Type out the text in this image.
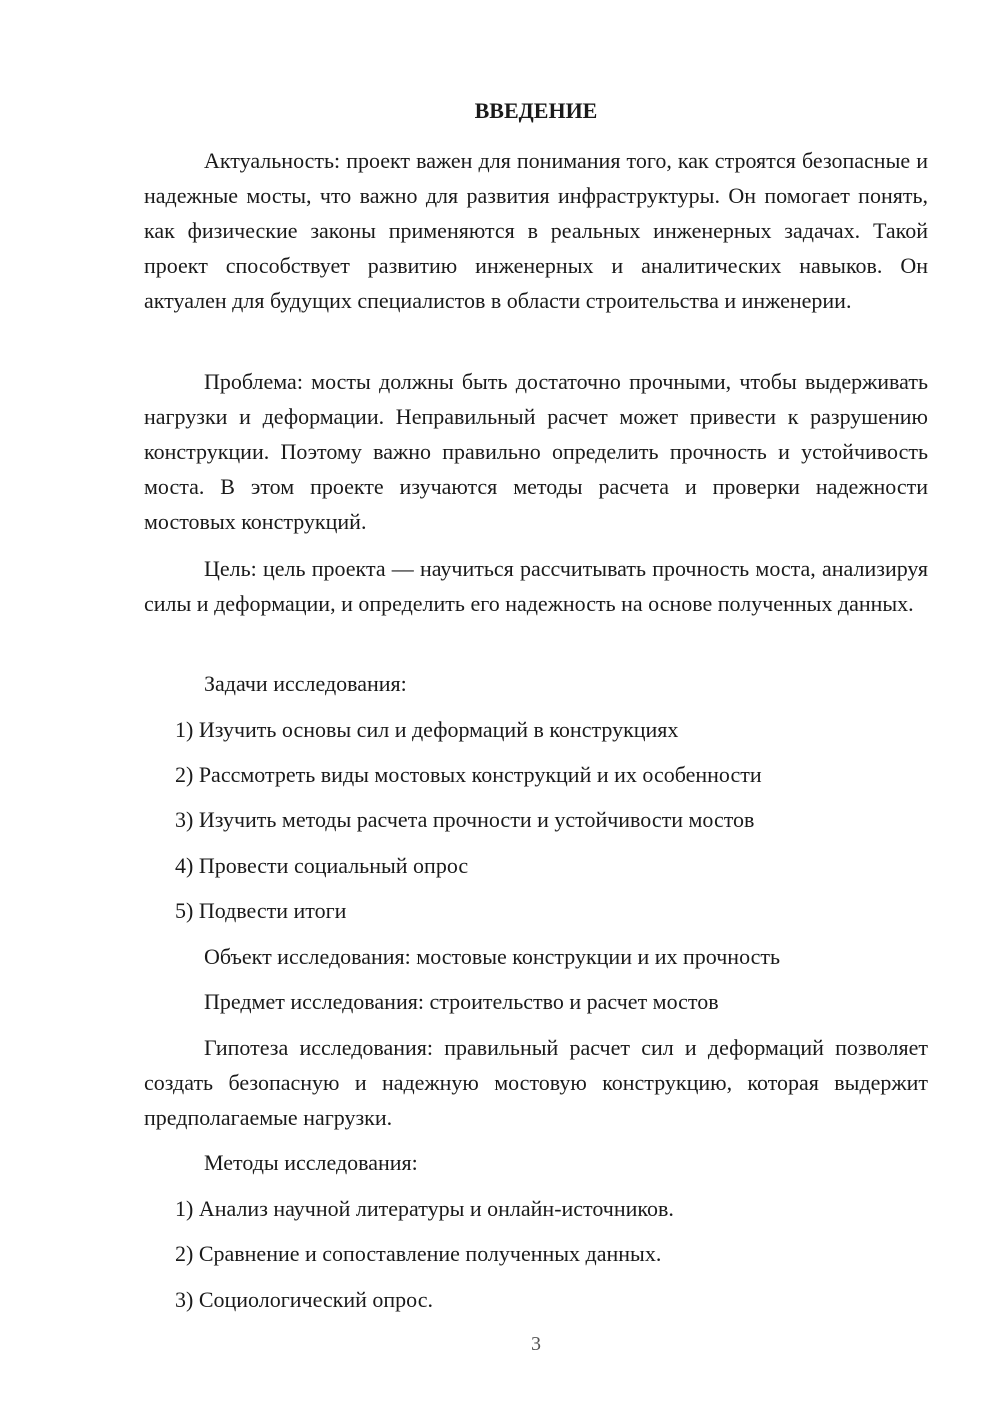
ВВЕДЕНИЕ

Актуальность: проект важен для понимания того, как строятся безопасные и надежные мосты, что важно для развития инфраструктуры. Он помогает понять, как физические законы применяются в реальных инженерных задачах. Такой проект способствует развитию инженерных и аналитических навыков. Он актуален для будущих специалистов в области строительства и инженерии.

Проблема: мосты должны быть достаточно прочными, чтобы выдерживать нагрузки и деформации. Неправильный расчет может привести к разрушению конструкции. Поэтому важно правильно определить прочность и устойчивость моста. В этом проекте изучаются методы расчета и проверки надежности мостовых конструкций.

Цель: цель проекта — научиться рассчитывать прочность моста, анализируя силы и деформации, и определить его надежность на основе полученных данных.

Задачи исследования:
1) Изучить основы сил и деформаций в конструкциях
2) Рассмотреть виды мостовых конструкций и их особенности
3) Изучить методы расчета прочности и устойчивости мостов
4) Провести социальный опрос
5) Подвести итоги
Объект исследования: мостовые конструкции и их прочность
Предмет исследования: строительство и расчет мостов

Гипотеза исследования: правильный расчет сил и деформаций позволяет создать безопасную и надежную мостовую конструкцию, которая выдержит предполагаемые нагрузки.

Методы исследования:
1) Анализ научной литературы и онлайн-источников.
2) Сравнение и сопоставление полученных данных.
3) Социологический опрос.
3
